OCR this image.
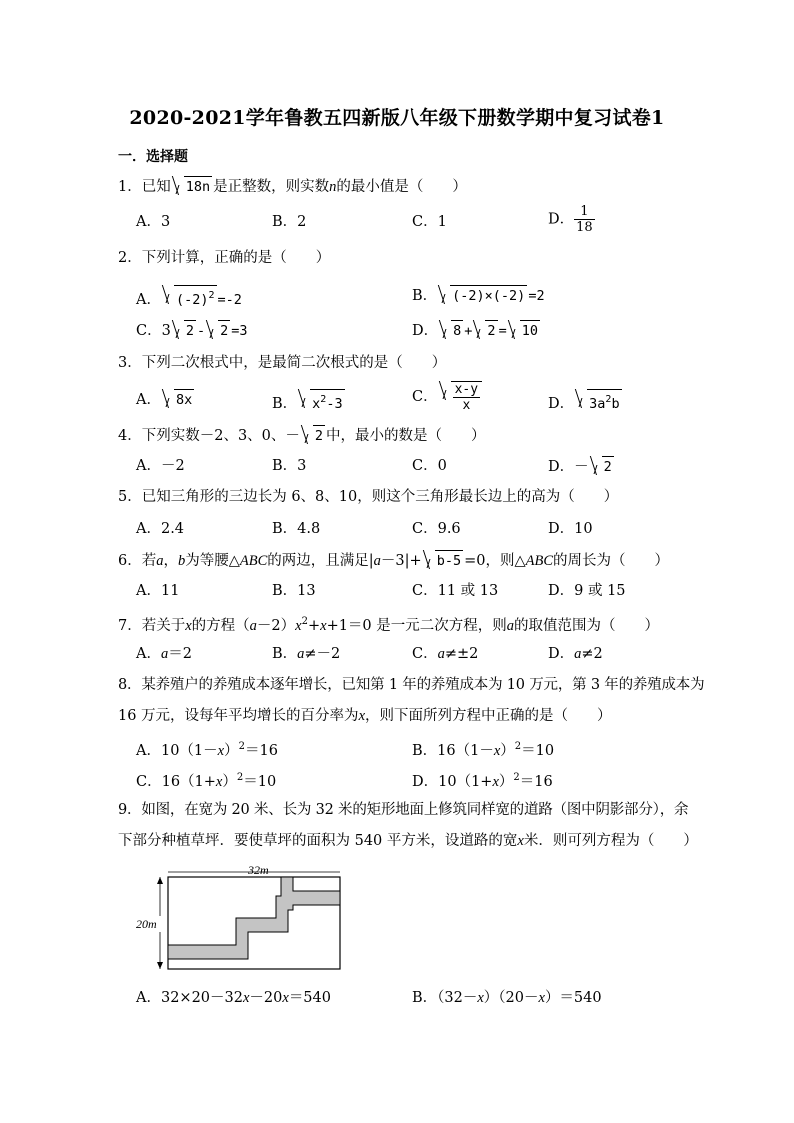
2020-2021学年鲁教五四新版八年级下册数学期中复习试卷1
一．选择题
1．已知 18n 是正整数，则实数n的最小值是（　　）
A．3	B．2	C．1	D． $\frac{1}{18}$
2．下列计算，正确的是（　　）
A． $(-2)^2 =-2$	B． (-2)×(-2) =2
C．3 2 - 2 =3	D． 8 + 2 = 10
3．下列二次根式中，是最简二次根式的是（　　）
A． 8x	B． $x^2-3$	C． $\frac{x-y}{x}$	D． $3a^2b$
4．下列实数－2、3、0、－ 2 中，最小的数是（　　）
A．－2	B．3	C．0	D．－ 2
5．已知三角形的三边长为 6、8、10，则这个三角形最长边上的高为（　　）
A．2.4	B．4.8	C．9.6	D．10
6．若a，b为等腰△ABC的两边，且满足|a－3|+ b-5 =0，则△ABC的周长为（　　）
A．11	B．13	C．11 或 13	D．9 或 15
7．若关于x的方程$(a-2)x^2+x+1=0$ 是一元二次方程，则a的取值范围为（　　）
A．a＝2	B．a≠－2	C．a≠±2	D．a≠2
8．某养殖户的养殖成本逐年增长，已知第 1 年的养殖成本为 10 万元，第 3 年的养殖成本为
16 万元，设每年平均增长的百分率为x，则下面所列方程中正确的是（　　）
A．$10(1-x)^2=16$	B．$16(1-x)^2=10$
C．$16(1+x)^2=10$	D．$10(1+x)^2=16$
9．如图，在宽为 20 米、长为 32 米的矩形地面上修筑同样宽的道路（图中阴影部分），余
下部分种植草坪．要使草坪的面积为 540 平方米，设道路的宽x米．则可列方程为（　　）
32m
20m
A．32×20－32x－20x＝540	B．（32－x）（20－x）＝540
